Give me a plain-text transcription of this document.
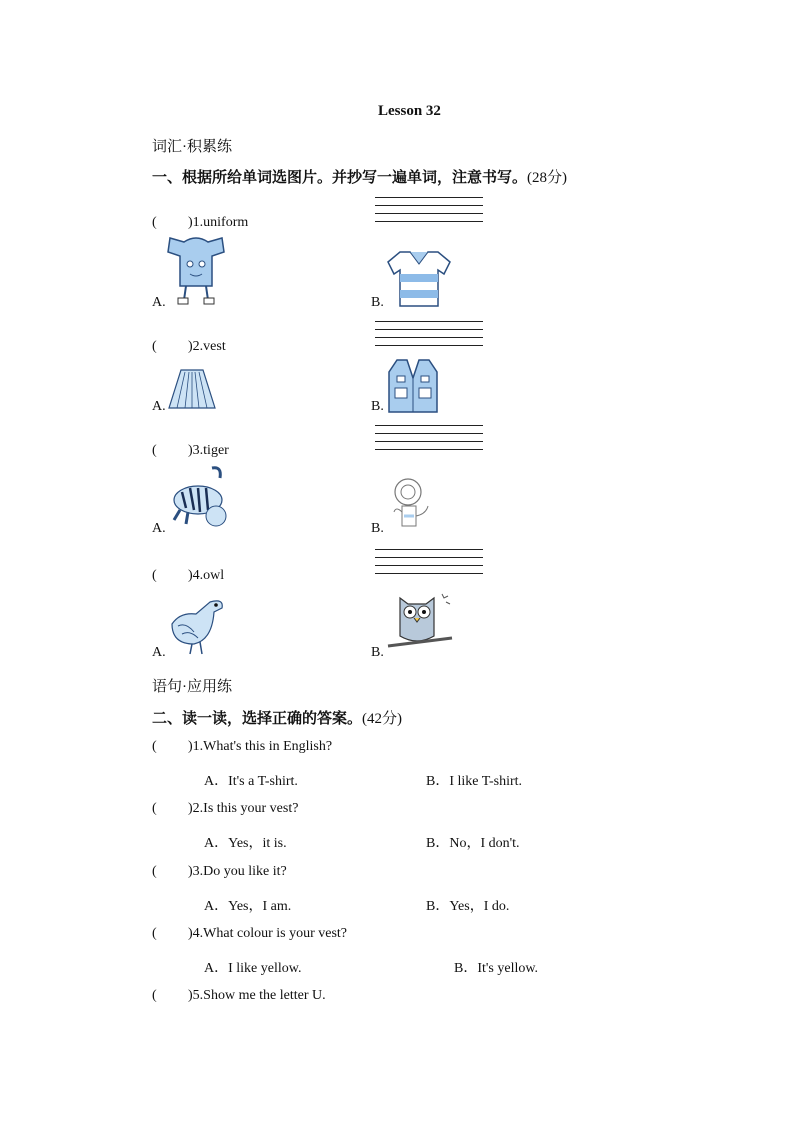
Lesson 32
词汇·积累练
一、根据所给单词选图片。并抄写一遍单词，注意书写。(28分)
( )1.uniform
A.	B.
( )2.vest
A.	B.
( )3.tiger
A.	B.
( )4.owl
A.	B.
语句·应用练
二、读一读，选择正确的答案。(42分)
( )1.What's this in English?
A．It's a T-shirt.	B．I like T-shirt.
( )2.Is this your vest?
A．Yes，it is.	B．No，I don't.
( )3.Do you like it?
A．Yes，I am.	B．Yes，I do.
( )4.What colour is your vest?
A．I like yellow.	B．It's yellow.
( )5.Show me the letter U.
